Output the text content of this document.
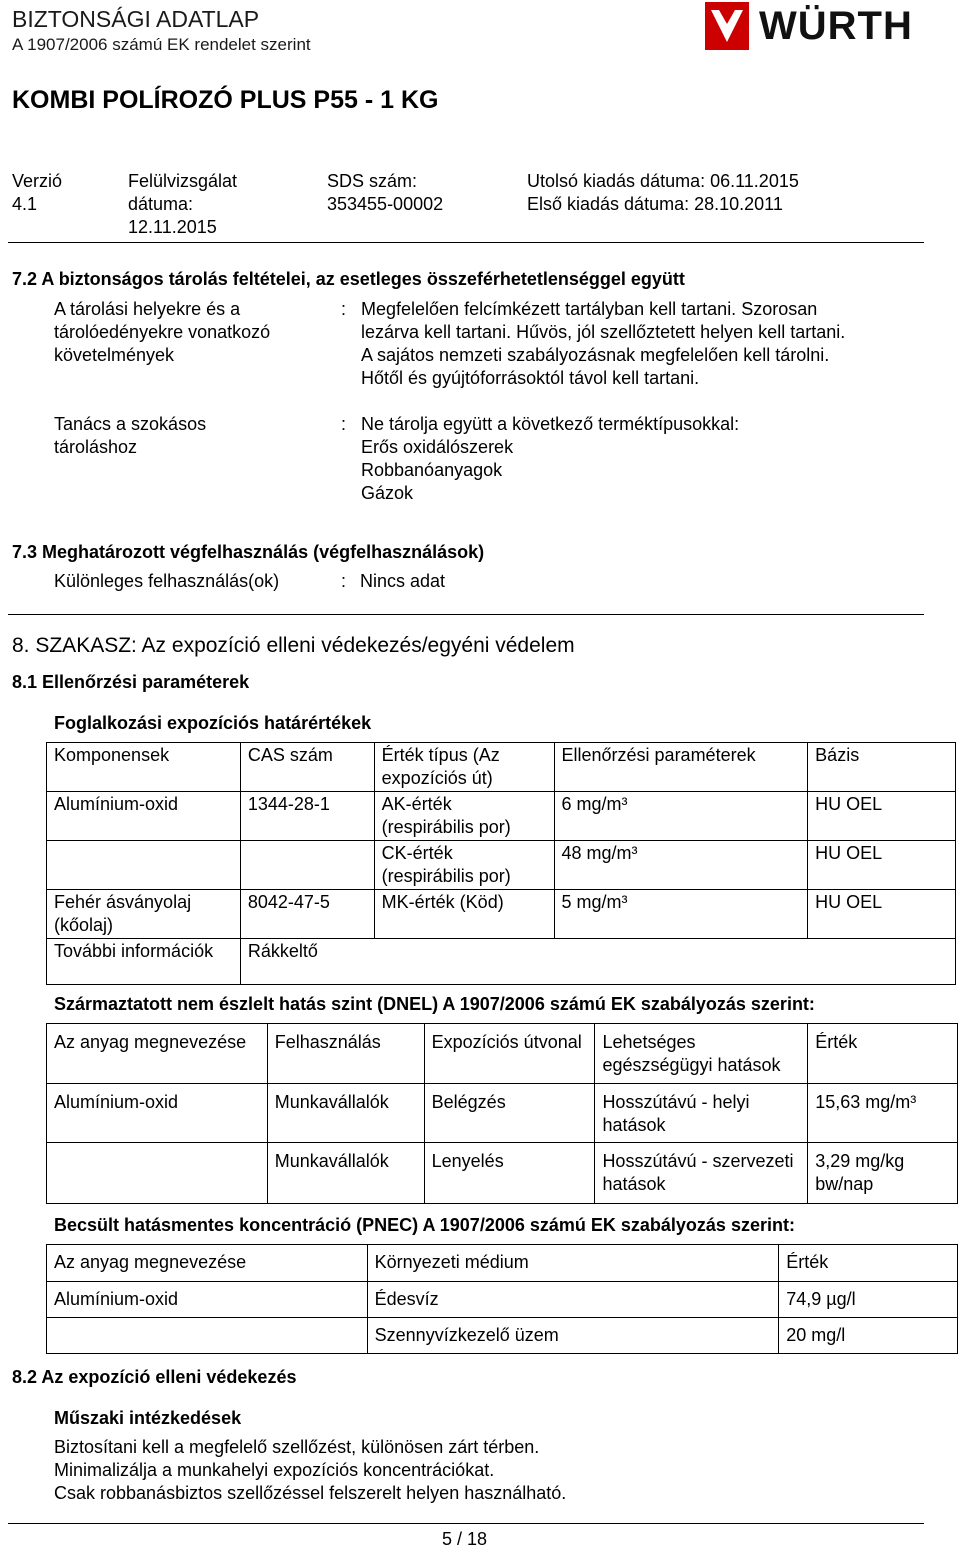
BIZTONSÁGI ADATLAP
A 1907/2006 számú EK rendelet szerint	WÜRTH
KOMBI POLÍROZÓ PLUS P55 - 1 KG
Verzió
4.1
Felülvizsgálat
dátuma:
12.11.2015
SDS szám:
353455-00002
Utolsó kiadás dátuma: 06.11.2015
Első kiadás dátuma: 28.10.2011
7.2 A biztonságos tárolás feltételei, az esetleges összeférhetetlenséggel együtt
A tárolási helyekre és a
tárolóedényekre vonatkozó
követelmények
: Megfelelően felcímkézett tartályban kell tartani. Szorosan
lezárva kell tartani. Hűvös, jól szellőztetett helyen kell tartani.
A sajátos nemzeti szabályozásnak megfelelően kell tárolni.
Hőtől és gyújtóforrásoktól távol kell tartani.
Tanács a szokásos
tároláshoz
: Ne tárolja együtt a következő terméktípusokkal:
Erős oxidálószerek
Robbanóanyagok
Gázok
7.3 Meghatározott végfelhasználás (végfelhasználások)
Különleges felhasználás(ok)	: Nincs adat
8. SZAKASZ: Az expozíció elleni védekezés/egyéni védelem
8.1 Ellenőrzési paraméterek
Foglalkozási expozíciós határértékek
Komponensek	CAS szám	Érték típus (Az expozíciós út)	Ellenőrzési paraméterek	Bázis
Alumínium-oxid	1344-28-1	AK-érték (respirábilis por)	6 mg/m³	HU OEL
		CK-érték (respirábilis por)	48 mg/m³	HU OEL
Fehér ásványolaj (kőolaj)	8042-47-5	MK-érték (Köd)	5 mg/m³	HU OEL
További információk	Rákkeltő			
Származtatott nem észlelt hatás szint (DNEL) A 1907/2006 számú EK szabályozás szerint:
Az anyag megnevezése	Felhasználás	Expozíciós útvonal	Lehetséges egészségügyi hatások	Érték
Alumínium-oxid	Munkavállalók	Belégzés	Hosszútávú - helyi hatások	15,63 mg/m³
	Munkavállalók	Lenyelés	Hosszútávú - szervezeti hatások	3,29 mg/kg bw/nap
Becsült hatásmentes koncentráció (PNEC) A 1907/2006 számú EK szabályozás szerint:
Az anyag megnevezése	Környezeti médium	Érték
Alumínium-oxid	Édesvíz	74,9 µg/l
	Szennyvízkezelő üzem	20 mg/l
8.2 Az expozíció elleni védekezés
Műszaki intézkedések
Biztosítani kell a megfelelő szellőzést, különösen zárt térben.
Minimalizálja a munkahelyi expozíciós koncentrációkat.
Csak robbanásbiztos szellőzéssel felszerelt helyen használható.
5 / 18
